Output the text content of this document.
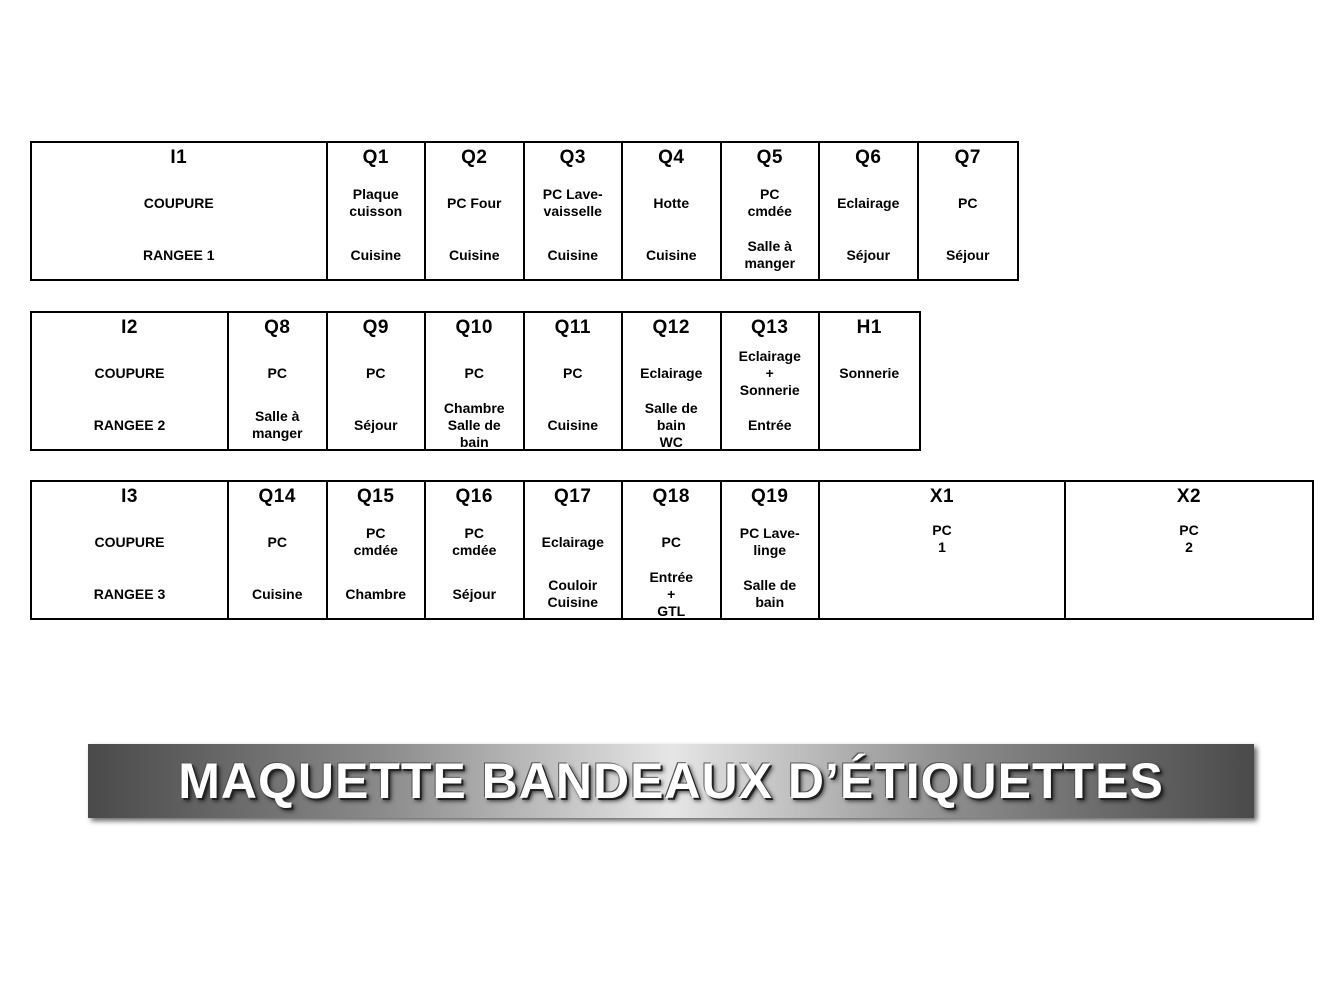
I1
COUPURE
RANGEE 1
Q1
Plaque
cuisson
Cuisine
Q2
PC Four
Cuisine
Q3
PC Lave-
vaisselle
Cuisine
Q4
Hotte
Cuisine
Q5
PC
cmdée
Salle à
manger
Q6
Eclairage
Séjour
Q7
PC
Séjour
I2
COUPURE
RANGEE 2
Q8
PC
Salle à
manger
Q9
PC
Séjour
Q10
PC
Chambre
Salle de
bain
Q11
PC
Cuisine
Q12
Eclairage
Salle de
bain
WC
Q13
Eclairage
+
Sonnerie
Entrée
H1
Sonnerie
I3
COUPURE
RANGEE 3
Q14
PC
Cuisine
Q15
PC
cmdée
Chambre
Q16
PC
cmdée
Séjour
Q17
Eclairage
Couloir
Cuisine
Q18
PC
Entrée
+
GTL
Q19
PC Lave-
linge
Salle de
bain
X1
PC
1
X2
PC
2
MAQUETTE BANDEAUX D’ÉTIQUETTES
